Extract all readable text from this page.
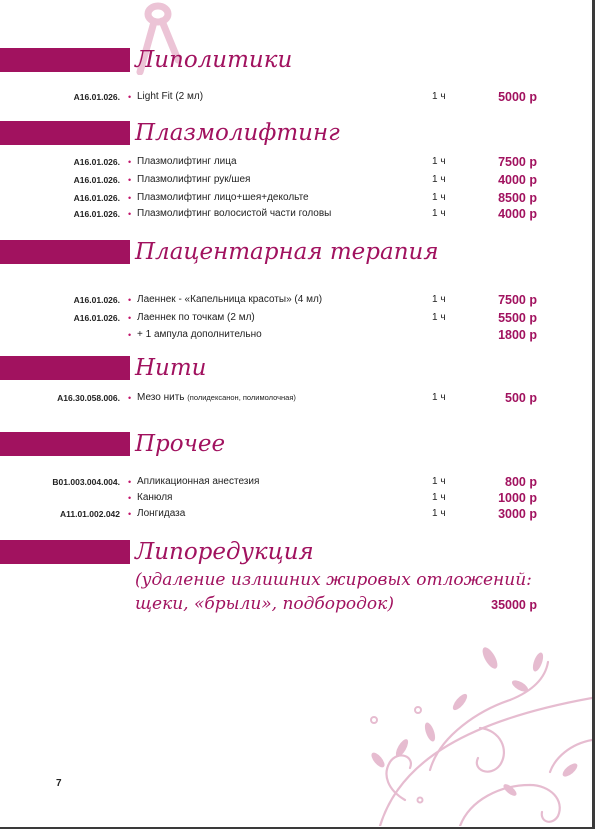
Липолитики
A16.01.026. • Light Fit (2 мл)	1 ч	5000 р
Плазмолифтинг
A16.01.026. • Плазмолифтинг лица	1 ч	7500 р
A16.01.026. • Плазмолифтинг рук/шея	1 ч	4000 р
A16.01.026. • Плазмолифтинг лицо+шея+декольте	1 ч	8500 р
A16.01.026. • Плазмолифтинг волосистой части головы	1 ч	4000 р
Плацентарная терапия
A16.01.026. • Лаеннек - «Капельница красоты» (4 мл)	1 ч	7500 р
A16.01.026. • Лаеннек по точкам (2 мл)	1 ч	5500 р
• + 1 ампула дополнительно	1800 р
Нити
A16.30.058.006. • Мезо нить (полидексанон, полимолочная)	1 ч	500 р
Прочее
B01.003.004.004. • Апликационная анестезия	1 ч	800 р
• Канюля	1 ч	1000 р
A11.01.002.042 • Лонгидаза	1 ч	3000 р
Липоредукция
(удаление излишних жировых отложений:
щеки, «брыли», подбородок)	35000 р
7
